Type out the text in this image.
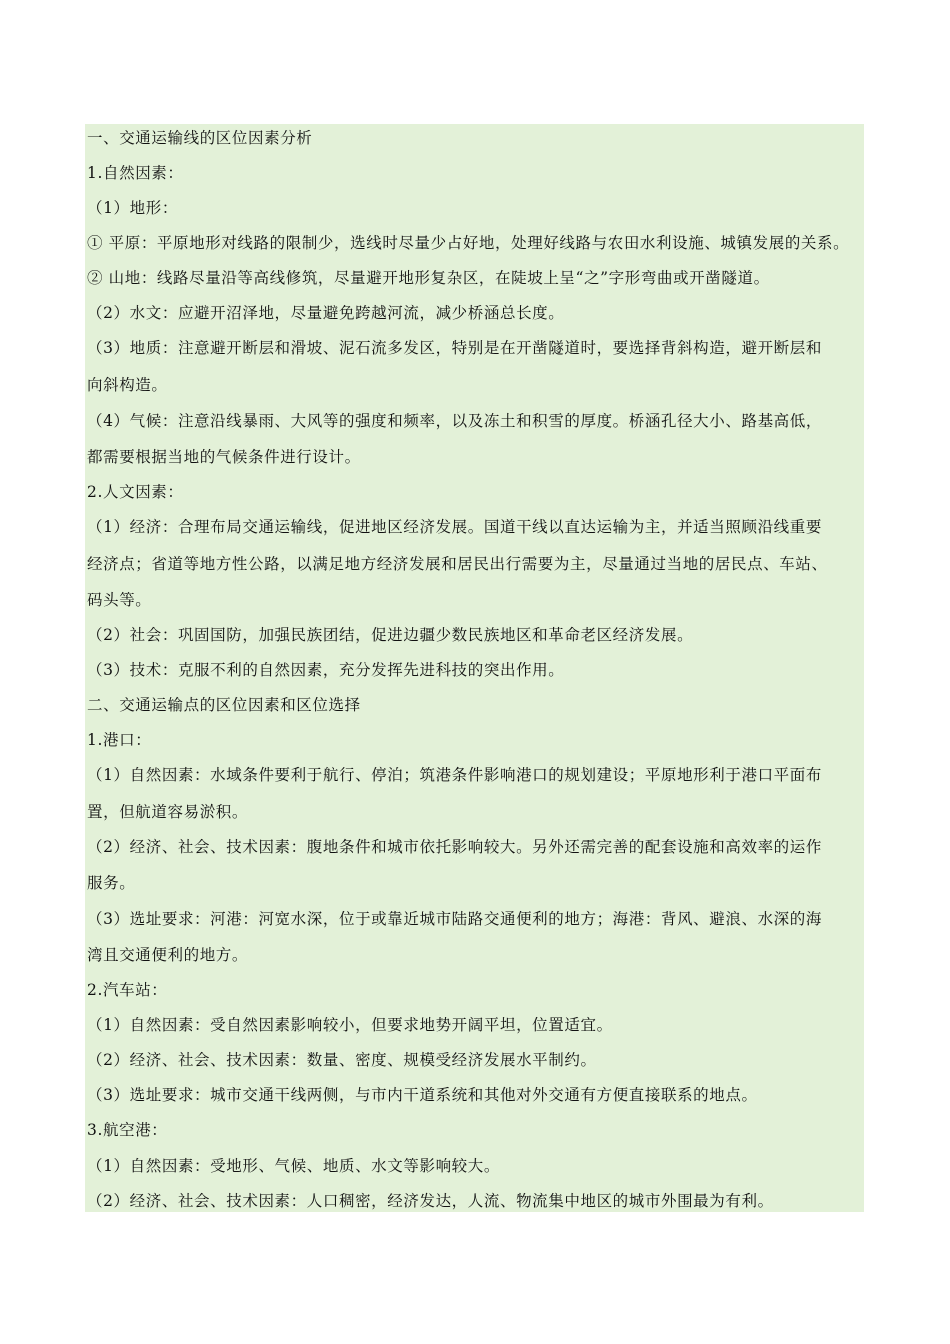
一、交通运输线的区位因素分析
1.自然因素：
（1）地形：
① 平原：平原地形对线路的限制少，选线时尽量少占好地，处理好线路与农田水利设施、城镇发展的关系。
② 山地：线路尽量沿等高线修筑，尽量避开地形复杂区，在陡坡上呈“之”字形弯曲或开凿隧道。
（2）水文：应避开沼泽地，尽量避免跨越河流，减少桥涵总长度。
（3）地质：注意避开断层和滑坡、泥石流多发区，特别是在开凿隧道时，要选择背斜构造，避开断层和
向斜构造。
（4）气候：注意沿线暴雨、大风等的强度和频率，以及冻土和积雪的厚度。桥涵孔径大小、路基高低，
都需要根据当地的气候条件进行设计。
2.人文因素：
（1）经济：合理布局交通运输线，促进地区经济发展。国道干线以直达运输为主，并适当照顾沿线重要
经济点；省道等地方性公路，以满足地方经济发展和居民出行需要为主，尽量通过当地的居民点、车站、
码头等。
（2）社会：巩固国防，加强民族团结，促进边疆少数民族地区和革命老区经济发展。
（3）技术：克服不利的自然因素，充分发挥先进科技的突出作用。
二、交通运输点的区位因素和区位选择
1.港口：
（1）自然因素：水域条件要利于航行、停泊；筑港条件影响港口的规划建设；平原地形利于港口平面布
置，但航道容易淤积。
（2）经济、社会、技术因素：腹地条件和城市依托影响较大。另外还需完善的配套设施和高效率的运作
服务。
（3）选址要求：河港：河宽水深，位于或靠近城市陆路交通便利的地方；海港：背风、避浪、水深的海
湾且交通便利的地方。
2.汽车站：
（1）自然因素：受自然因素影响较小，但要求地势开阔平坦，位置适宜。
（2）经济、社会、技术因素：数量、密度、规模受经济发展水平制约。
（3）选址要求：城市交通干线两侧，与市内干道系统和其他对外交通有方便直接联系的地点。
3.航空港：
（1）自然因素：受地形、气候、地质、水文等影响较大。
（2）经济、社会、技术因素：人口稠密，经济发达，人流、物流集中地区的城市外围最为有利。
